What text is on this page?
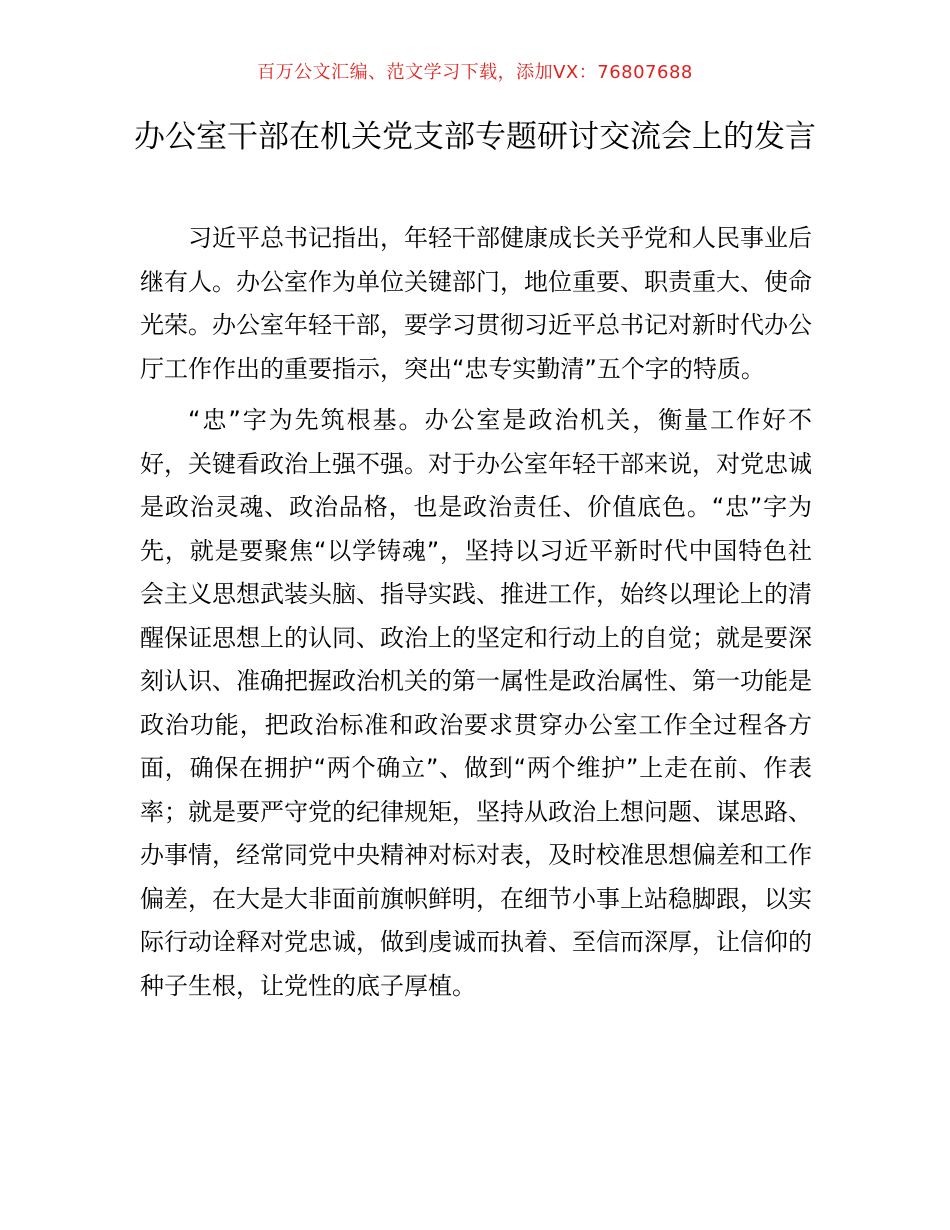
百万公文汇编、范文学习下载，添加VX：76807688
办公室干部在机关党支部专题研讨交流会上的发言

习近平总书记指出，年轻干部健康成长关乎党和人民事业后继有人。办公室作为单位关键部门，地位重要、职责重大、使命光荣。办公室年轻干部，要学习贯彻习近平总书记对新时代办公厅工作作出的重要指示，突出“忠专实勤清”五个字的特质。

“忠”字为先筑根基。办公室是政治机关，衡量工作好不好，关键看政治上强不强。对于办公室年轻干部来说，对党忠诚是政治灵魂、政治品格，也是政治责任、价值底色。“忠”字为先，就是要聚焦“以学铸魂”，坚持以习近平新时代中国特色社会主义思想武装头脑、指导实践、推进工作，始终以理论上的清醒保证思想上的认同、政治上的坚定和行动上的自觉；就是要深刻认识、准确把握政治机关的第一属性是政治属性、第一功能是政治功能，把政治标准和政治要求贯穿办公室工作全过程各方面，确保在拥护“两个确立”、做到“两个维护”上走在前、作表率；就是要严守党的纪律规矩，坚持从政治上想问题、谋思路、办事情，经常同党中央精神对标对表，及时校准思想偏差和工作偏差，在大是大非面前旗帜鲜明，在细节小事上站稳脚跟，以实际行动诠释对党忠诚，做到虔诚而执着、至信而深厚，让信仰的种子生根，让党性的底子厚植。
